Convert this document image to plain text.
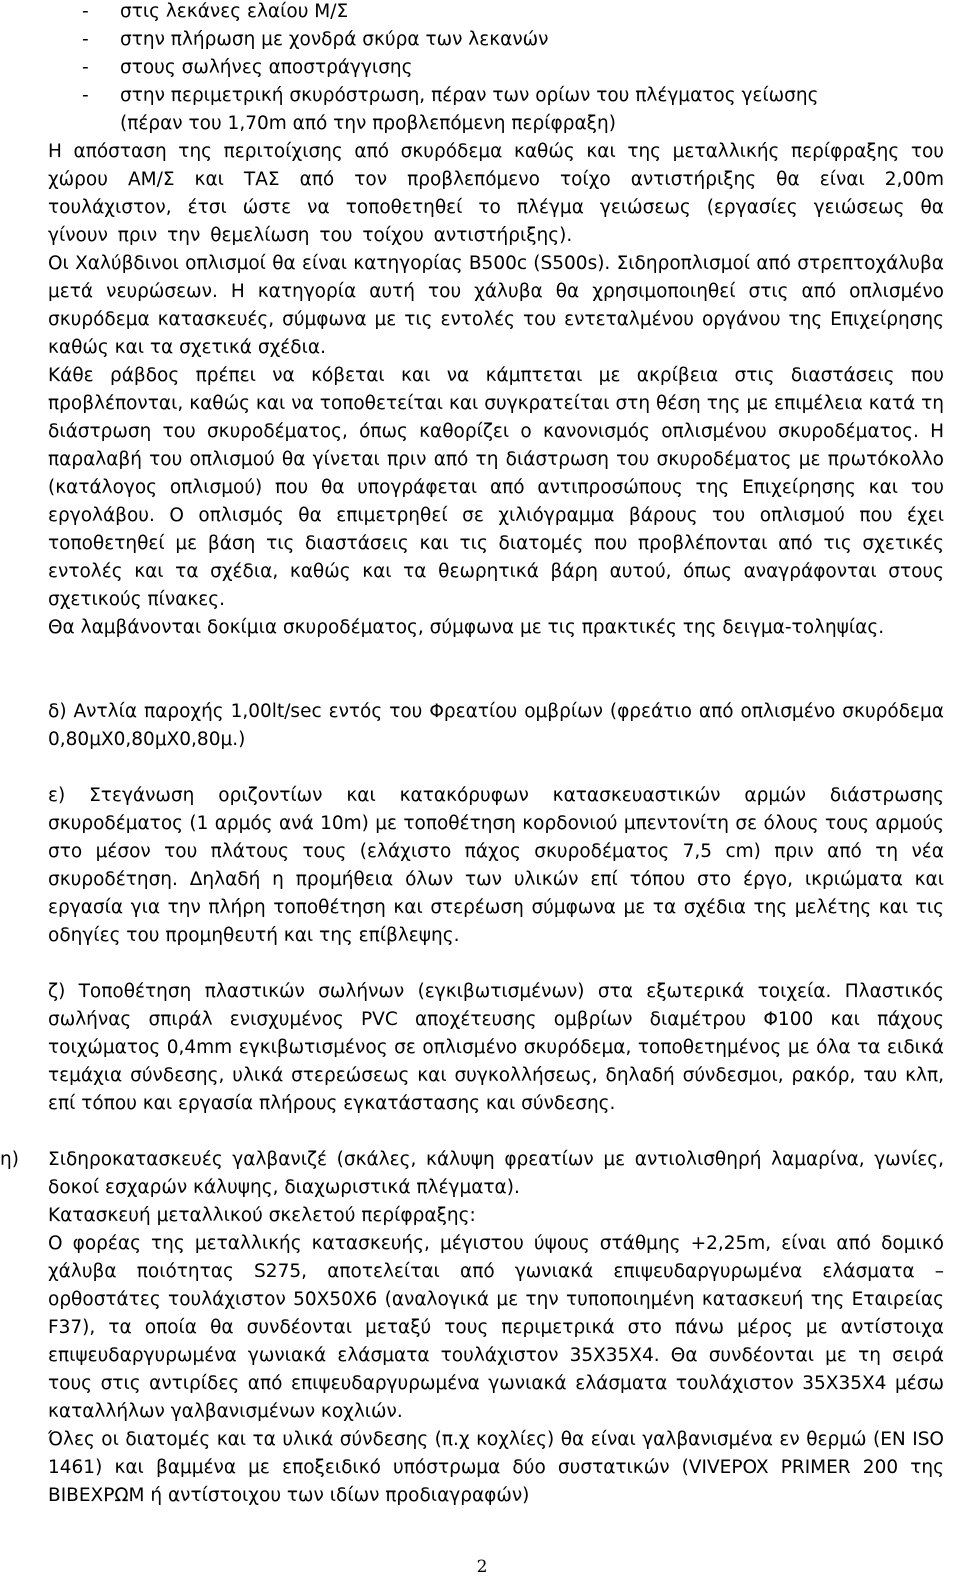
- στις λεκάνες ελαίου Μ/Σ
- στην πλήρωση με χονδρά σκύρα των λεκανών
- στους σωλήνες αποστράγγισης
- στην περιμετρική σκυρόστρωση, πέραν των ορίων του πλέγματος γείωσης
(πέραν του 1,70m από την προβλεπόμενη περίφραξη)

Η απόσταση της περιτοίχισης από σκυρόδεμα καθώς και της μεταλλικής περίφραξης του χώρου ΑΜ/Σ και ΤΑΣ από τον προβλεπόμενο τοίχο αντιστήριξης θα είναι 2,00m τουλάχιστον, έτσι ώστε να τοποθετηθεί το πλέγμα γειώσεως (εργασίες γειώσεως θα γίνουν πριν την θεμελίωση του τοίχου αντιστήριξης).

Οι Χαλύβδινοι οπλισμοί θα είναι κατηγορίας B500c (S500s). Σιδηροπλισμοί από στρεπτοχάλυβα μετά νευρώσεων. Η κατηγορία αυτή του χάλυβα θα χρησιμοποιηθεί στις από οπλισμένο σκυρόδεμα κατασκευές, σύμφωνα με τις εντολές του εντεταλμένου οργάνου της Επιχείρησης καθώς και τα σχετικά σχέδια.

Κάθε ράβδος πρέπει να κόβεται και να κάμπτεται με ακρίβεια στις διαστάσεις που προβλέπονται, καθώς και να τοποθετείται και συγκρατείται στη θέση της με επιμέλεια κατά τη διάστρωση του σκυροδέματος, όπως καθορίζει ο κανονισμός οπλισμένου σκυροδέματος. Η παραλαβή του οπλισμού θα γίνεται πριν από τη διάστρωση του σκυροδέματος με πρωτόκολλο (κατάλογος οπλισμού) που θα υπογράφεται από αντιπροσώπους της Επιχείρησης και του εργολάβου. Ο οπλισμός θα επιμετρηθεί σε χιλιόγραμμα βάρους του οπλισμού που έχει τοποθετηθεί με βάση τις διαστάσεις και τις διατομές που προβλέπονται από τις σχετικές εντολές και τα σχέδια, καθώς και τα θεωρητικά βάρη αυτού, όπως αναγράφονται στους σχετικούς πίνακες.

Θα λαμβάνονται δοκίμια σκυροδέματος, σύμφωνα με τις πρακτικές της δειγμα-τοληψίας.

δ) Αντλία παροχής 1,00lt/sec εντός του Φρεατίου ομβρίων (φρεάτιο από οπλισμένο σκυρόδεμα 0,80μΧ0,80μΧ0,80μ.)

ε) Στεγάνωση οριζοντίων και κατακόρυφων κατασκευαστικών αρμών διάστρωσης σκυροδέματος (1 αρμός ανά 10m) με τοποθέτηση κορδονιού μπεντονίτη σε όλους τους αρμούς στο μέσον του πλάτους τους (ελάχιστο πάχος σκυροδέματος 7,5 cm) πριν από τη νέα σκυροδέτηση. Δηλαδή η προμήθεια όλων των υλικών επί τόπου στο έργο, ικριώματα και εργασία για την πλήρη τοποθέτηση και στερέωση σύμφωνα με τα σχέδια της μελέτης και τις οδηγίες του προμηθευτή και της επίβλεψης.

ζ) Τοποθέτηση πλαστικών σωλήνων (εγκιβωτισμένων) στα εξωτερικά τοιχεία. Πλαστικός σωλήνας σπιράλ ενισχυμένος PVC αποχέτευσης ομβρίων διαμέτρου Φ100 και πάχους τοιχώματος 0,4mm εγκιβωτισμένος σε οπλισμένο σκυρόδεμα, τοποθετημένος με όλα τα ειδικά τεμάχια σύνδεσης, υλικά στερεώσεως και συγκολλήσεως, δηλαδή σύνδεσμοι, ρακόρ, ταυ κλπ, επί τόπου και εργασία πλήρους εγκατάστασης και σύνδεσης.

η) Σιδηροκατασκευές γαλβανιζέ (σκάλες, κάλυψη φρεατίων με αντιολισθηρή λαμαρίνα, γωνίες, δοκοί εσχαρών κάλυψης, διαχωριστικά πλέγματα).

Κατασκευή μεταλλικού σκελετού περίφραξης:

Ο φορέας της μεταλλικής κατασκευής, μέγιστου ύψους στάθμης +2,25m, είναι από δομικό χάλυβα ποιότητας S275, αποτελείται από γωνιακά επιψευδαργυρωμένα ελάσματα – ορθοστάτες τουλάχιστον 50Χ50Χ6 (αναλογικά με την τυποποιημένη κατασκευή της Εταιρείας F37), τα οποία θα συνδέονται μεταξύ τους περιμετρικά στο πάνω μέρος με αντίστοιχα επιψευδαργυρωμένα γωνιακά ελάσματα τουλάχιστον 35Χ35Χ4. Θα συνδέονται με τη σειρά τους στις αντιρίδες από επιψευδαργυρωμένα γωνιακά ελάσματα τουλάχιστον 35Χ35Χ4 μέσω καταλλήλων γαλβανισμένων κοχλιών.

Όλες οι διατομές και τα υλικά σύνδεσης (π.χ κοχλίες) θα είναι γαλβανισμένα εν θερμώ (EN ISO 1461) και βαμμένα με εποξειδικό υπόστρωμα δύο συστατικών (VIVEPOX PRIMER 200 της ΒΙΒΕΧΡΩΜ ή αντίστοιχου των ιδίων προδιαγραφών)

2
